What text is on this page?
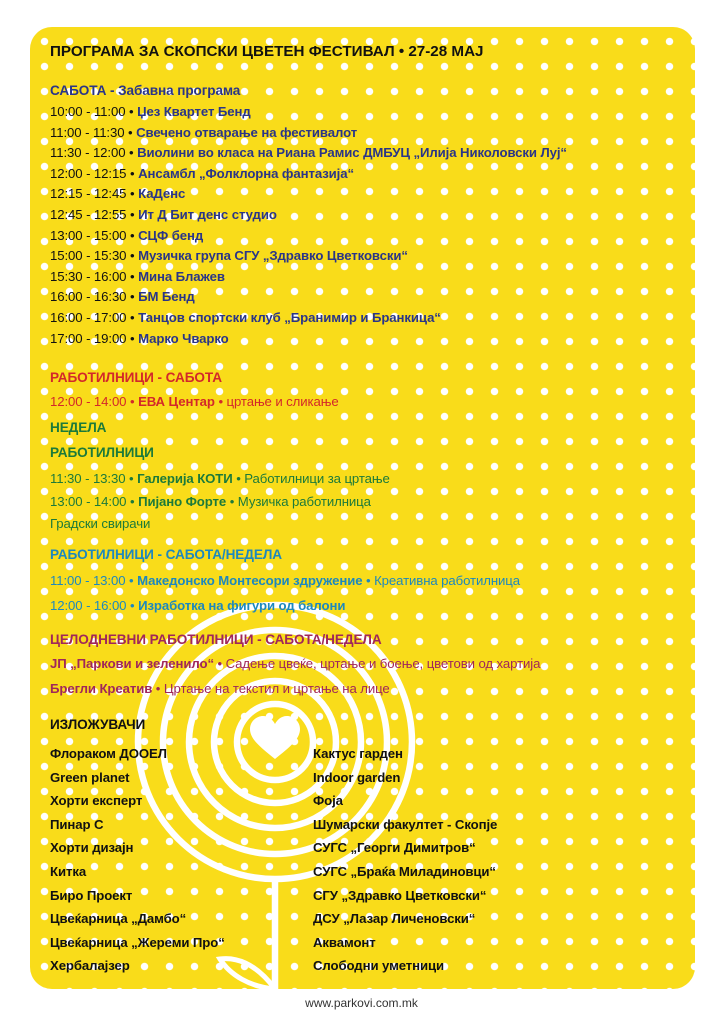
ПРОГРАМА ЗА СКОПСКИ ЦВЕТЕН ФЕСТИВАЛ • 27-28 МАЈ
САБОТА - Забавна програма
10:00 - 11:00 • Џез Квартет Бенд
11:00 - 11:30 • Свечено отварање на фестивалот
11:30 - 12:00 • Виолини во класа на Риана Рамис ДМБУЦ „Илија Николовски Луј“
12:00 - 12:15 • Ансамбл „Фолклорна фантазија“
12:15 - 12:45 • КаДенс
12:45 - 12:55 • Ит Д Бит денс студио
13:00 - 15:00 • СЦФ бенд
15:00 - 15:30 • Музичка група СГУ „Здравко Цветковски“
15:30 - 16:00 • Мина Блажев
16:00 - 16:30 • БМ Бенд
16:00 - 17:00 • Танцов спортски клуб „Бранимир и Бранкица“
17:00 - 19:00 • Марко Чварко
РАБОТИЛНИЦИ - САБОТА
12:00 - 14:00 • ЕВА Центар • цртање и сликање
НЕДЕЛА
РАБОТИЛНИЦИ
11:30 - 13:30 • Галерија КОТИ • Работилници за цртање
13:00 - 14:00 • Пијано Форте • Музичка работилница
Градски свирачи
РАБОТИЛНИЦИ - САБОТА/НЕДЕЛА
11:00 - 13:00 • Македонско Монтесори здружение • Креативна работилница
12:00 - 16:00 • Изработка на фигури од балони
ЦЕЛОДНЕВНИ РАБОТИЛНИЦИ - САБОТА/НЕДЕЛА
ЈП „Паркови и зеленило“ • Садење цвеќе, цртање и боење, цветови од хартија
Брегли Креатив • Цртање на текстил и цртање на лице
ИЗЛОЖУВАЧИ
Флораком ДООЕЛ
Green planet
Хорти експерт
Пинар С
Хорти дизајн
Китка
Биро Проект
Цвеќарница „Дамбо“
Цвеќарница „Жереми Про“
Хербалајзер
Кактус гарден
Indoor garden
Фоја
Шумарски факултет - Скопје
СУГС „Георги Димитров“
СУГС „Браќа Миладиновци“
СГУ „Здравко Цветковски“
ДСУ „Лазар Личеновски“
Аквамонт
Слободни уметници
www.parkovi.com.mk
